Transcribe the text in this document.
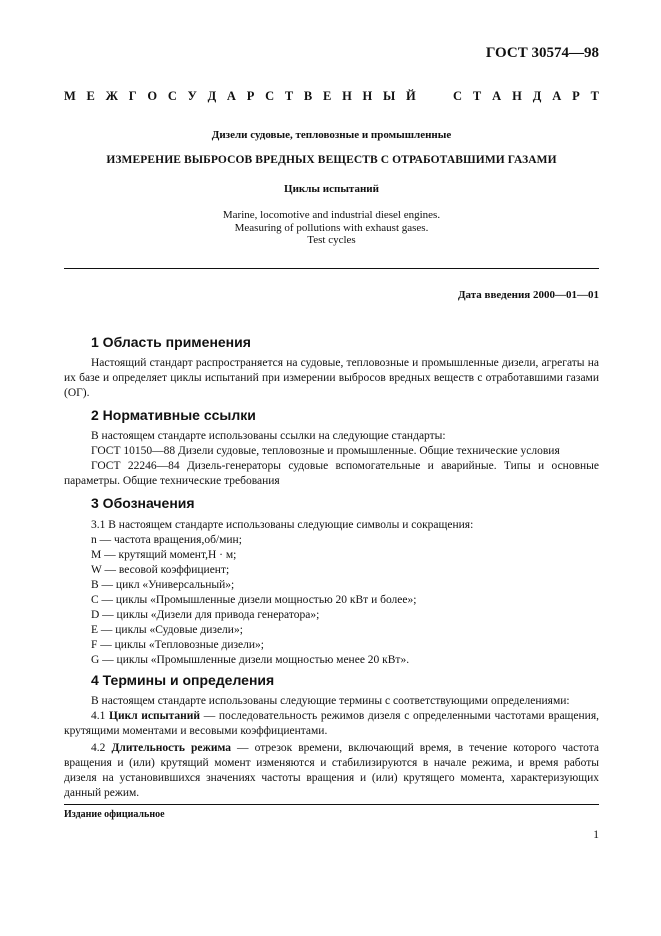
ГОСТ 30574—98
М Е Ж Г О С У Д А Р С Т В Е Н Н Ы Й	С Т А Н Д А Р Т
Дизели судовые, тепловозные и промышленные
ИЗМЕРЕНИЕ ВЫБРОСОВ ВРЕДНЫХ ВЕЩЕСТВ С ОТРАБОТАВШИМИ ГАЗАМИ
Циклы испытаний
Marine, locomotive and industrial diesel engines.
Measuring of pollutions with exhaust gases.
Test cycles
Дата введения 2000—01—01
1 Область применения
Настоящий стандарт распространяется на судовые, тепловозные и промышленные дизели, агрегаты на их базе и определяет циклы испытаний при измерении выбросов вредных веществ с отработавшими газами (ОГ).
2 Нормативные ссылки
В настоящем стандарте использованы ссылки на следующие стандарты:
ГОСТ 10150—88 Дизели судовые, тепловозные и промышленные. Общие технические условия
ГОСТ 22246—84 Дизель-генераторы судовые вспомогательные и аварийные. Типы и основные параметры. Общие технические требования
3 Обозначения
3.1 В настоящем стандарте использованы следующие символы и сокращения:
n — частота вращения,об/мин;
M — крутящий момент,Н · м;
W — весовой коэффициент;
В — цикл «Универсальный»;
С — циклы «Промышленные дизели мощностью 20 кВт и более»;
D — циклы «Дизели для привода генератора»;
Е — циклы «Судовые дизели»;
F — циклы «Тепловозные дизели»;
G — циклы «Промышленные дизели мощностью менее 20 кВт».
4 Термины и определения
В настоящем стандарте использованы следующие термины с соответствующими определениями:
4.1 Цикл испытаний — последовательность режимов дизеля с определенными частотами вращения, крутящими моментами и весовыми коэффициентами.
4.2 Длительность режима — отрезок времени, включающий время, в течение которого частота вращения и (или) крутящий момент изменяются и стабилизируются в начале режима, и время работы дизеля на установившихся значениях частоты вращения и (или) крутящего момента, характеризующих данный режим.
Издание официальное
1
